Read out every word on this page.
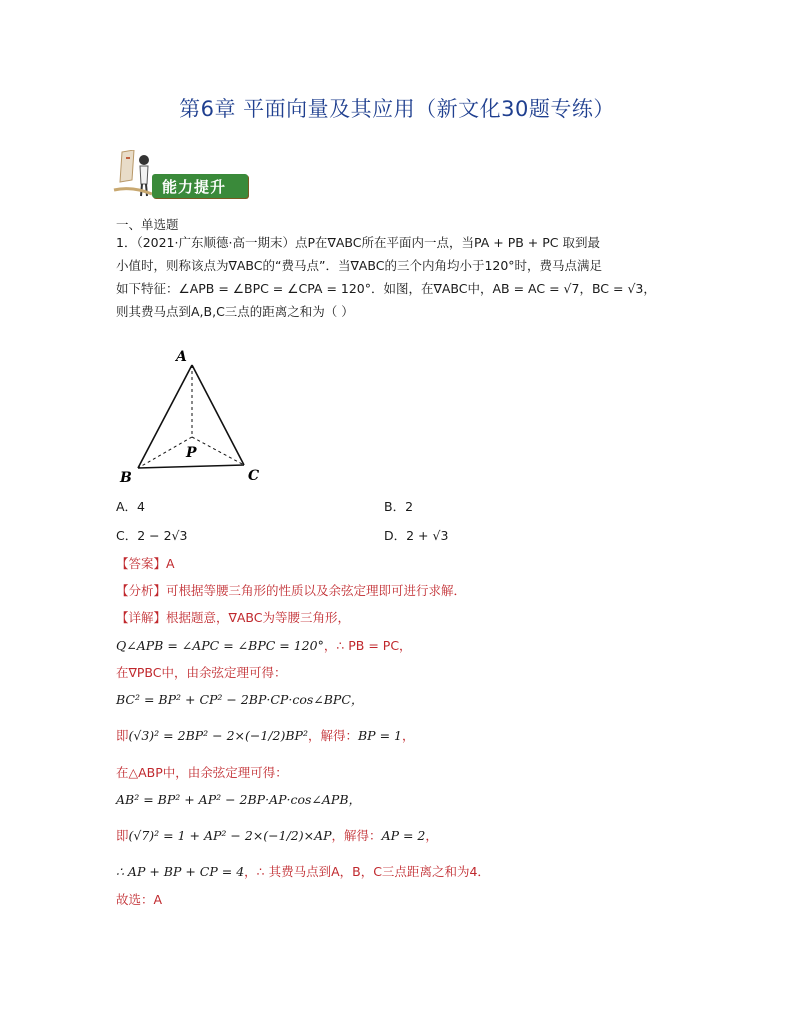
第6章 平面向量及其应用（新文化30题专练）
能力提升
一、单选题
1．（2021·广东顺德·高一期末）点P在∇ABC所在平面内一点，当PA + PB + PC 取到最
小值时，则称该点为∇ABC的“费马点”．当∇ABC的三个内角均小于120°时，费马点满足
如下特征：∠APB = ∠BPC = ∠CPA = 120°．如图，在∇ABC中，AB = AC = √7，BC = √3，
则其费马点到A,B,C三点的距离之和为（ ）
A
B	C
P
A．4	B．2
C．2 − 2√3	D．2 + √3
【答案】A
【分析】可根据等腰三角形的性质以及余弦定理即可进行求解．
【详解】根据题意，∇ABC为等腰三角形，
Q∠APB = ∠APC = ∠BPC = 120°，∴ PB = PC，
在∇PBC中，由余弦定理可得：
BC² = BP² + CP² − 2BP·CP·cos∠BPC，
即(√3)² = 2BP² − 2×(−1/2)BP²，解得：BP = 1，
在△ABP中，由余弦定理可得：
AB² = BP² + AP² − 2BP·AP·cos∠APB，
即(√7)² = 1 + AP² − 2×(−1/2)×AP，解得：AP = 2，
∴ AP + BP + CP = 4，∴ 其费马点到A，B，C三点距离之和为4．
故选：A
